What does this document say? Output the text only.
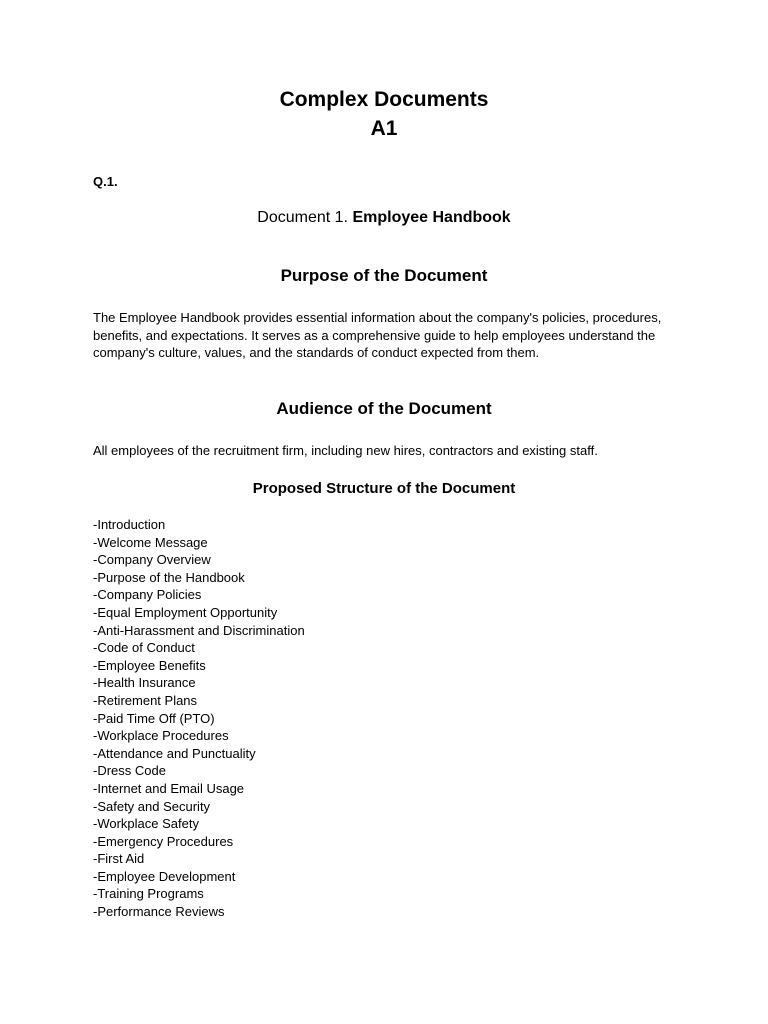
Complex Documents
A1
Q.1.
Document 1. Employee Handbook
Purpose of the Document
The Employee Handbook provides essential information about the company's policies, procedures, benefits, and expectations. It serves as a comprehensive guide to help employees understand the company's culture, values, and the standards of conduct expected from them.
Audience of the Document
All employees of the recruitment firm, including new hires, contractors and existing staff.
Proposed Structure of the Document
-Introduction
-Welcome Message
-Company Overview
-Purpose of the Handbook
-Company Policies
-Equal Employment Opportunity
-Anti-Harassment and Discrimination
-Code of Conduct
-Employee Benefits
-Health Insurance
-Retirement Plans
-Paid Time Off (PTO)
-Workplace Procedures
-Attendance and Punctuality
-Dress Code
-Internet and Email Usage
-Safety and Security
-Workplace Safety
-Emergency Procedures
-First Aid
-Employee Development
-Training Programs
-Performance Reviews
